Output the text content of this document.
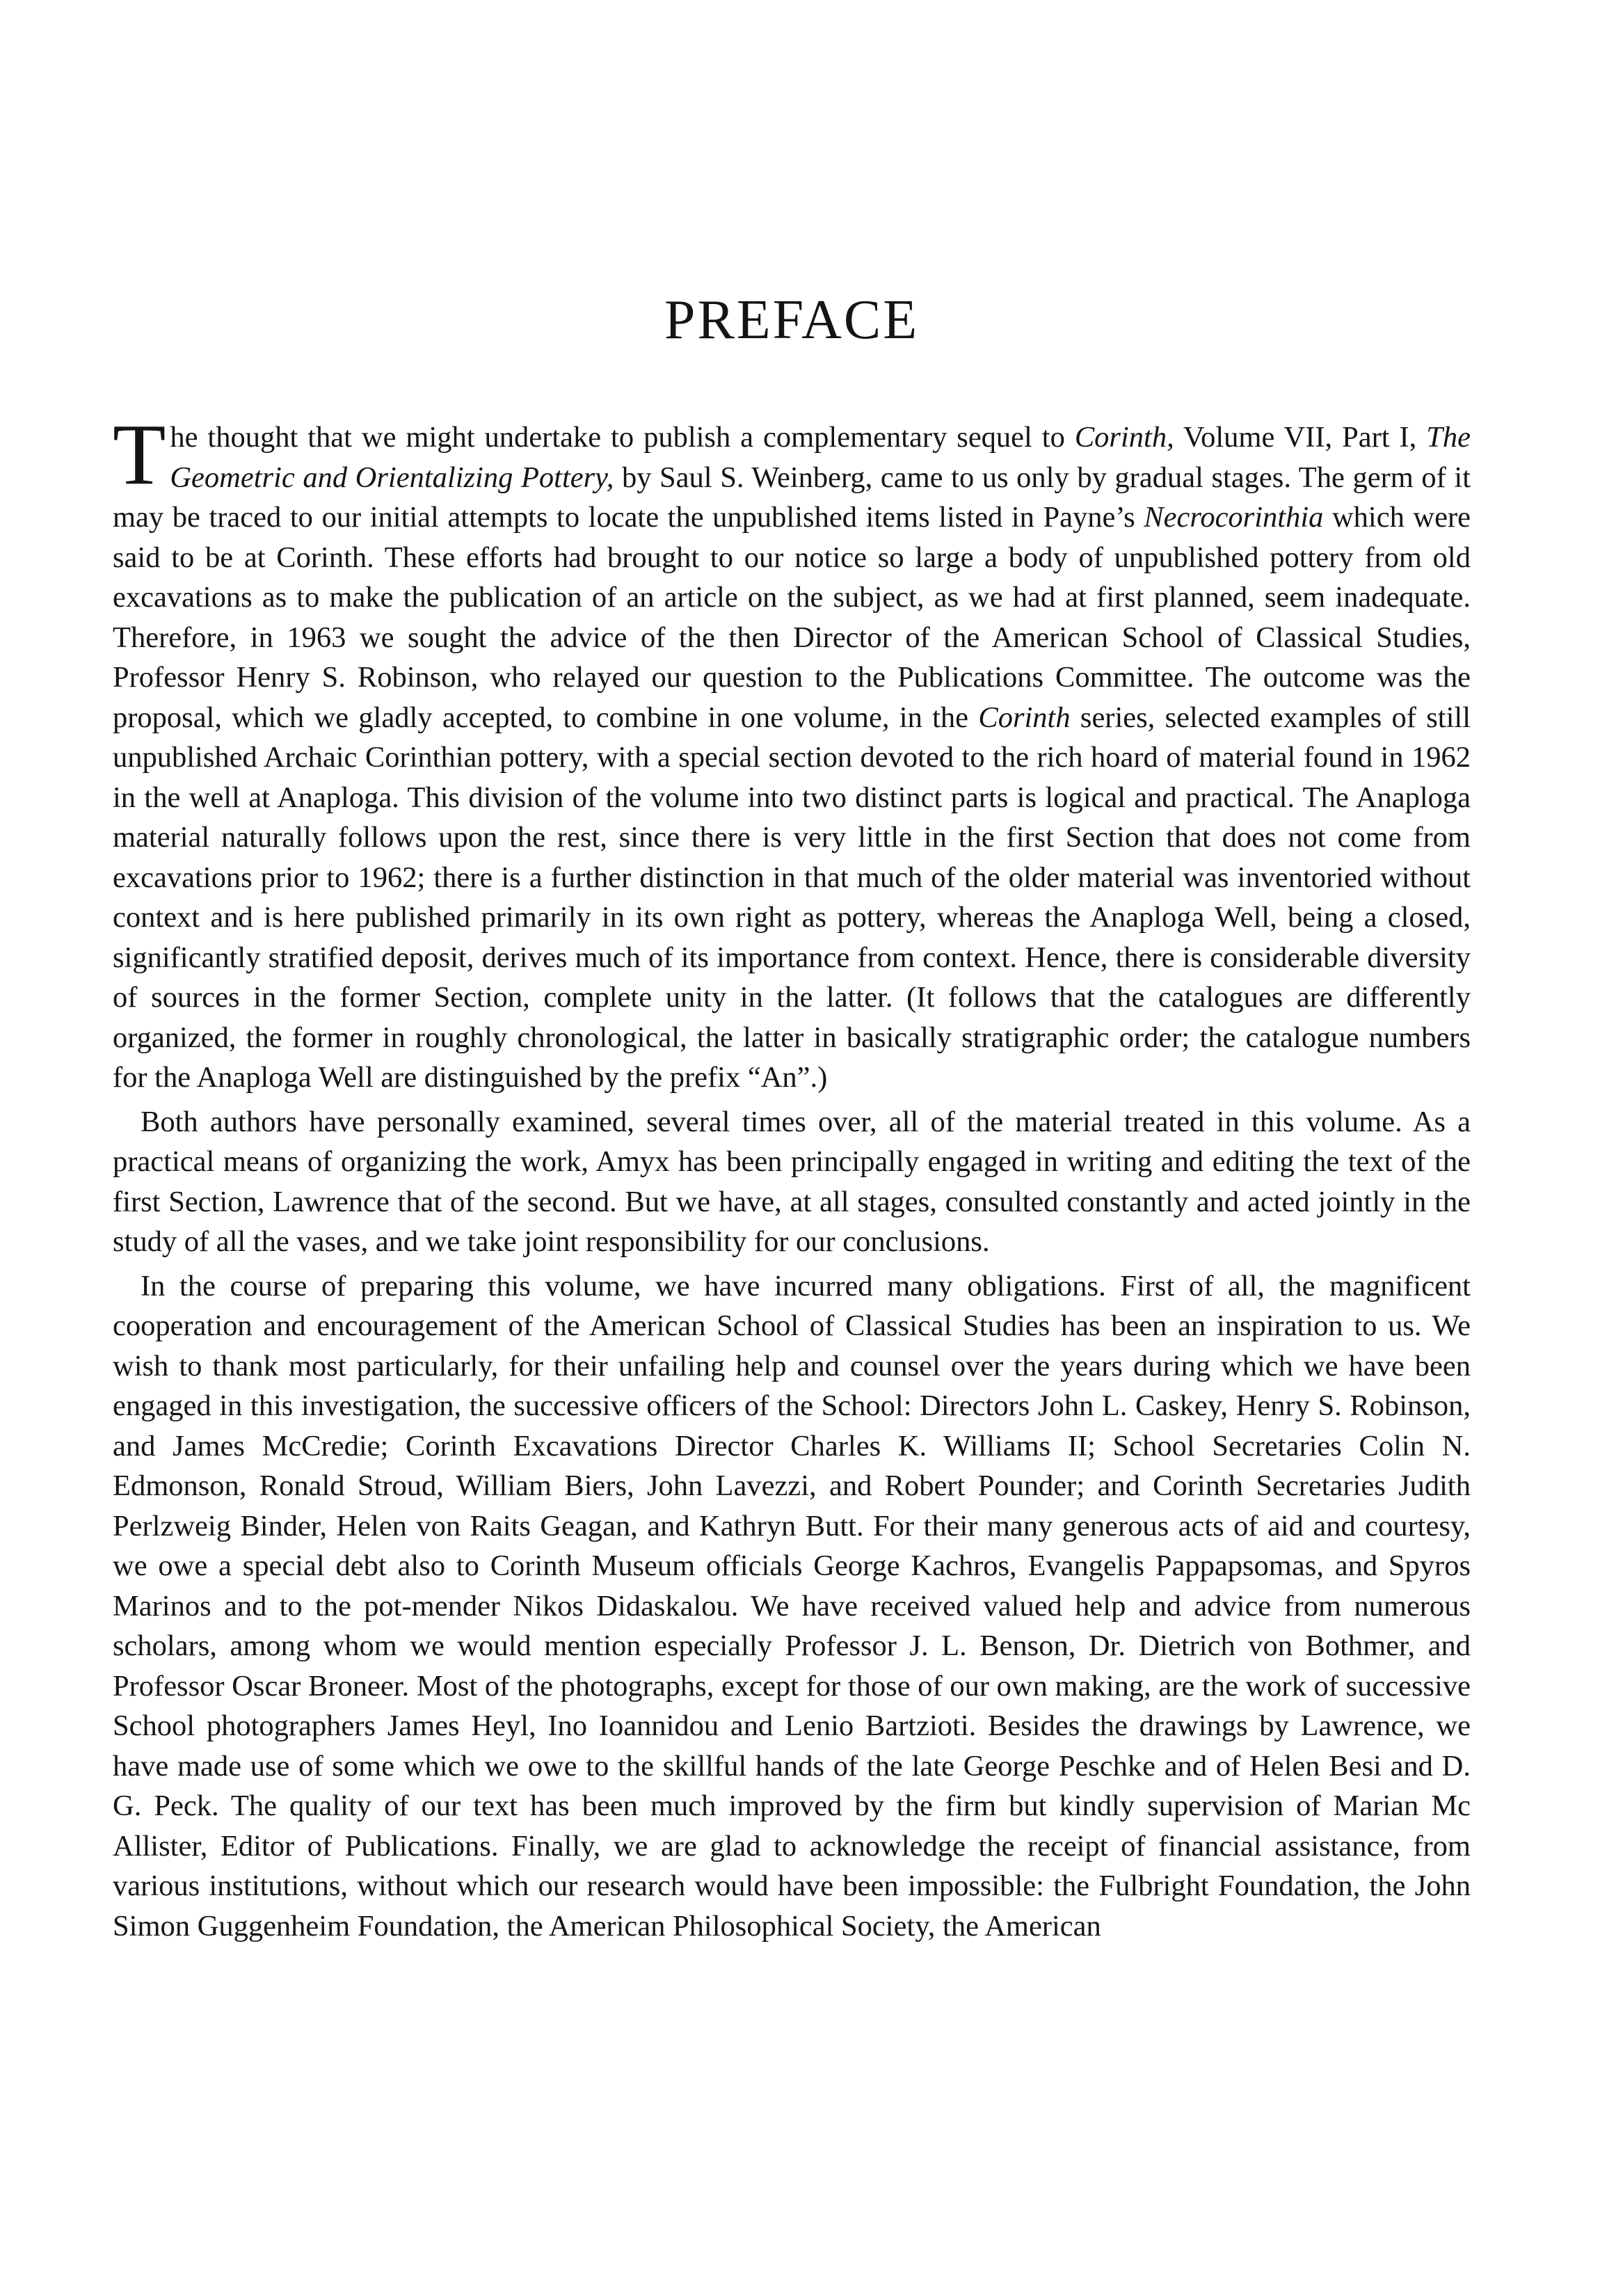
PREFACE

The thought that we might undertake to publish a complementary sequel to Corinth, Volume VII, Part I, The Geometric and Orientalizing Pottery, by Saul S. Weinberg, came to us only by gradual stages. The germ of it may be traced to our initial attempts to locate the unpublished items listed in Payne’s Necrocorinthia which were said to be at Corinth. These efforts had brought to our notice so large a body of unpublished pottery from old excavations as to make the publication of an article on the subject, as we had at first planned, seem inadequate. Therefore, in 1963 we sought the advice of the then Director of the American School of Classical Studies, Professor Henry S. Robinson, who relayed our question to the Publications Committee. The outcome was the proposal, which we gladly accepted, to combine in one volume, in the Corinth series, selected examples of still unpublished Archaic Corinthian pottery, with a special section devoted to the rich hoard of material found in 1962 in the well at Anaploga. This division of the volume into two distinct parts is logical and practical. The Anaploga material naturally follows upon the rest, since there is very little in the first Section that does not come from excavations prior to 1962; there is a further distinction in that much of the older material was inventoried without context and is here published primarily in its own right as pottery, whereas the Anaploga Well, being a closed, significantly stratified deposit, derives much of its importance from context. Hence, there is considerable diversity of sources in the former Section, complete unity in the latter. (It follows that the catalogues are differently organized, the former in roughly chronological, the latter in basically stratigraphic order; the catalogue numbers for the Anaploga Well are distinguished by the prefix “An”.)

Both authors have personally examined, several times over, all of the material treated in this volume. As a practical means of organizing the work, Amyx has been principally engaged in writing and editing the text of the first Section, Lawrence that of the second. But we have, at all stages, consulted constantly and acted jointly in the study of all the vases, and we take joint responsibility for our conclusions.

In the course of preparing this volume, we have incurred many obligations. First of all, the magnificent cooperation and encouragement of the American School of Classical Studies has been an inspiration to us. We wish to thank most particularly, for their unfailing help and counsel over the years during which we have been engaged in this investigation, the successive officers of the School: Directors John L. Caskey, Henry S. Robinson, and James McCredie; Corinth Excavations Director Charles K. Williams II; School Secretaries Colin N. Edmonson, Ronald Stroud, William Biers, John Lavezzi, and Robert Pounder; and Corinth Secretaries Judith Perlzweig Binder, Helen von Raits Geagan, and Kathryn Butt. For their many generous acts of aid and courtesy, we owe a special debt also to Corinth Museum officials George Kachros, Evangelis Pappapsomas, and Spyros Marinos and to the pot-mender Nikos Didaskalou. We have received valued help and advice from numerous scholars, among whom we would mention especially Professor J. L. Benson, Dr. Dietrich von Bothmer, and Professor Oscar Broneer. Most of the photographs, except for those of our own making, are the work of successive School photographers James Heyl, Ino Ioannidou and Lenio Bartzioti. Besides the drawings by Lawrence, we have made use of some which we owe to the skillful hands of the late George Peschke and of Helen Besi and D. G. Peck. The quality of our text has been much improved by the firm but kindly supervision of Marian Mc Allister, Editor of Publications. Finally, we are glad to acknowledge the receipt of financial assistance, from various institutions, without which our research would have been impossible: the Fulbright Foundation, the John Simon Guggenheim Foundation, the American Philosophical Society, the American
